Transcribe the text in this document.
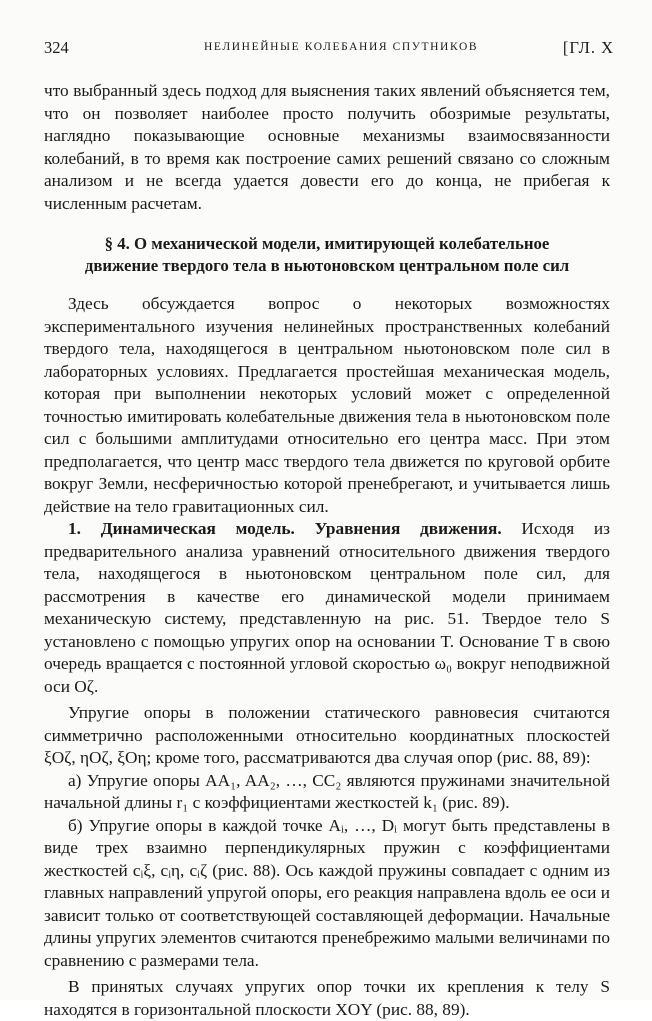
324	НЕЛИНЕЙНЫЕ КОЛЕБАНИЯ СПУТНИКОВ	[ГЛ. X

что выбранный здесь подход для выяснения таких явлений объясняется тем, что он позволяет наиболее просто получить обозримые результаты, наглядно показывающие основные механизмы взаимосвязанности колебаний, в то время как построение самих решений связано со сложным анализом и не всегда удается довести его до конца, не прибегая к численным расчетам.

§ 4. О механической модели, имитирующей колебательное
движение твердого тела в ньютоновском центральном поле сил

Здесь обсуждается вопрос о некоторых возможностях экспериментального изучения нелинейных пространственных колебаний твердого тела, находящегося в центральном ньютоновском поле сил в лабораторных условиях. Предлагается простейшая механическая модель, которая при выполнении некоторых условий может с определенной точностью имитировать колебательные движения тела в ньютоновском поле сил с большими амплитудами относительно его центра масс. При этом предполагается, что центр масс твердого тела движется по круговой орбите вокруг Земли, несферичностью которой пренебрегают, и учитывается лишь действие на тело гравитационных сил.

1. Динамическая модель. Уравнения движения. Исходя из предварительного анализа уравнений относительного движения твердого тела, находящегося в ньютоновском центральном поле сил, для рассмотрения в качестве его динамической модели принимаем механическую систему, представленную на рис. 51. Твердое тело S установлено с помощью упругих опор на основании T. Основание T в свою очередь вращается с постоянной угловой скоростью ω₀ вокруг неподвижной оси Oζ.

Упругие опоры в положении статического равновесия считаются симметрично расположенными относительно координатных плоскостей ξOζ, ηOζ, ξOη; кроме того, рассматриваются два случая опор (рис. 88, 89):

а) Упругие опоры AA₁, AA₂, …, CC₂ являются пружинами значительной начальной длины r₁ с коэффициентами жесткостей k₁ (рис. 89).

б) Упругие опоры в каждой точке Aᵢ, …, Dᵢ могут быть представлены в виде трех взаимно перпендикулярных пружин с коэффициентами жесткостей cᵢξ, cᵢη, cᵢζ (рис. 88). Ось каждой пружины совпадает с одним из главных направлений упругой опоры, его реакция направлена вдоль ее оси и зависит только от соответствующей составляющей деформации. Начальные длины упругих элементов считаются пренебрежимо малыми величинами по сравнению с размерами тела.

В принятых случаях упругих опор точки их крепления к телу S находятся в горизонтальной плоскости XOY (рис. 88, 89).
